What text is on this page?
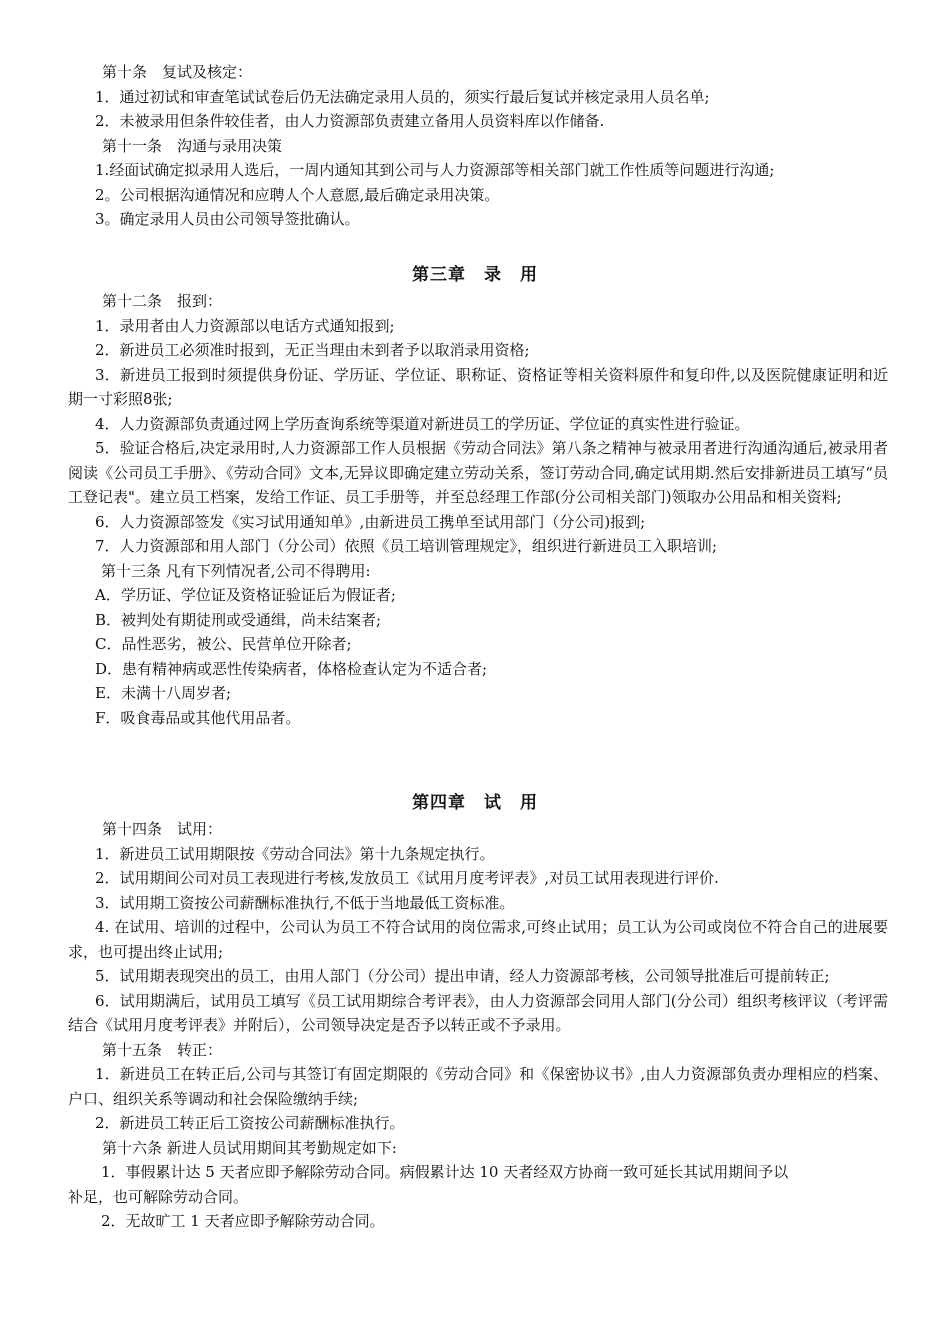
第十条　复试及核定：

1．通过初试和审查笔试试卷后仍无法确定录用人员的，须实行最后复试并核定录用人员名单;

2．未被录用但条件较佳者，由人力资源部负责建立备用人员资料库以作储备.

第十一条　沟通与录用决策

1.经面试确定拟录用人选后，一周内通知其到公司与人力资源部等相关部门就工作性质等问题进行沟通;

2。公司根据沟通情况和应聘人个人意愿,最后确定录用决策。

3。确定录用人员由公司领导签批确认。

第三章　录　用

第十二条　报到：

1．录用者由人力资源部以电话方式通知报到;

2．新进员工必须准时报到，无正当理由未到者予以取消录用资格;

3．新进员工报到时须提供身份证、学历证、学位证、职称证、资格证等相关资料原件和复印件,以及医院健康证明和近期一寸彩照8张;

4．人力资源部负责通过网上学历查询系统等渠道对新进员工的学历证、学位证的真实性进行验证。

5．验证合格后,决定录用时,人力资源部工作人员根据《劳动合同法》第八条之精神与被录用者进行沟通沟通后,被录用者阅读《公司员工手册》、《劳动合同》文本,无异议即确定建立劳动关系，签订劳动合同,确定试用期.然后安排新进员工填写“员工登记表"。建立员工档案，发给工作证、员工手册等，并至总经理工作部(分公司相关部门)领取办公用品和相关资料;

6．人力资源部签发《实习试用通知单》,由新进员工携单至试用部门（分公司)报到;

7．人力资源部和用人部门（分公司）依照《员工培训管理规定》，组织进行新进员工入职培训;

第十三条 凡有下列情况者,公司不得聘用:

A．学历证、学位证及资格证验证后为假证者;

B．被判处有期徒刑或受通缉，尚未结案者;

C．品性恶劣，被公、民营单位开除者;

D．患有精神病或恶性传染病者，体格检查认定为不适合者;

E．未满十八周岁者;

F．吸食毒品或其他代用品者。

第四章　试　用

第十四条　试用：

1．新进员工试用期限按《劳动合同法》第十九条规定执行。

2．试用期间公司对员工表现进行考核,发放员工《试用月度考评表》,对员工试用表现进行评价.

3．试用期工资按公司薪酬标准执行,不低于当地最低工资标准。

4. 在试用、培训的过程中，公司认为员工不符合试用的岗位需求,可终止试用；员工认为公司或岗位不符合自己的进展要求，也可提出终止试用;

5．试用期表现突出的员工，由用人部门（分公司）提出申请，经人力资源部考核，公司领导批准后可提前转正;

6．试用期满后，试用员工填写《员工试用期综合考评表》，由人力资源部会同用人部门(分公司）组织考核评议（考评需结合《试用月度考评表》并附后），公司领导决定是否予以转正或不予录用。

第十五条　转正：

1．新进员工在转正后,公司与其签订有固定期限的《劳动合同》和《保密协议书》,由人力资源部负责办理相应的档案、户口、组织关系等调动和社会保险缴纳手续;

2．新进员工转正后工资按公司薪酬标准执行。

第十六条 新进人员试用期间其考勤规定如下:

1．事假累计达 5 天者应即予解除劳动合同。病假累计达 10 天者经双方协商一致可延长其试用期间予以补足，也可解除劳动合同。

2．无故旷工 1 天者应即予解除劳动合同。
